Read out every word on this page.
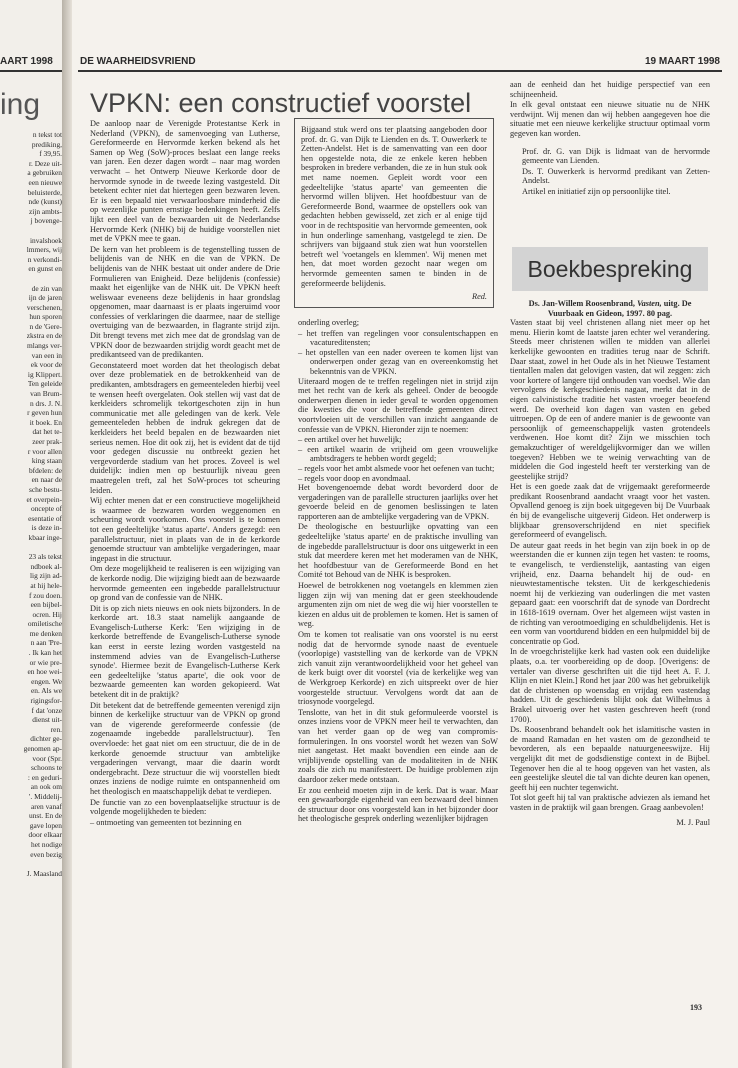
AART 1998
ing
n tekst tot
prediking,
f 39,95.
r. Deze uit-
a gebruiken
een nieuwe
beluisterde,
nde (kunst)
zijn ambts-
j bovenge-

invalshoek
lmmers, wij
n verkondi-
en gunst en

de zin van
ijn de jaren
verschenen,
hun sporen
n de 'Gere-
zkstra en de
mlangs ver-
van een in
ek voor de
ig Klippert.
Ten geleide
van Brum-
n drs. J. N.
r geven hun
it boek. En
dat het te-
zeer prak-
r voor allen
king staan
bfdelen: de
en naar de
sche bestu-
et overpein-
oncepte of
esentatie of
is deze in-
kbaar inge-

23 als tekst
ndboek al-
lig zijn ad-
at hij hele-
f zou doen.
een bijbel-
ocren. Hij
omiletische
me denken
n aan 'Pre-
. Ik kan het
or wie pre-
en hoe wei-
engen. We
en. Als we
rigingsfor-
f dat 'onze
dienst uit-
ren.
dichter ge-
genomen ap-
voor (Spr.
schoons te
: en geduri-
an ook om
'. Middelij-
aren vanaf
unst. En de
gave lopen
door elkaar
het nodige
even bezig

J. Maasland
DE WAARHEIDSVRIEND	19 MAART 1998
VPKN: een constructief voorstel

De aanloop naar de Verenigde Protestantse Kerk in Nederland (VPKN), de samenvoeging van Lutherse, Gereformeerde en Hervormde kerken bekend als het Samen op Weg (SoW)-proces beslaat een lange reeks van jaren. Een dezer dagen wordt – naar mag worden verwacht – het Ontwerp Nieuwe Kerkorde door de hervormde synode in de tweede lezing vastgesteld. Dit betekent echter niet dat hiertegen geen bezwaren leven. Er is een bepaald niet verwaarloosbare minderheid die op wezenlijke punten ernstige bedenkingen heeft. Zelfs lijkt een deel van de bezwaarden uit de Nederlandse Hervormde Kerk (NHK) bij de huidige voorstellen niet met de VPKN mee te gaan.

De kern van het probleem is de tegenstelling tussen de belijdenis van de NHK en die van de VPKN. De belijdenis van de NHK bestaat uit onder andere de Drie Formulieren van Enigheid. Deze belijdenis (confessie) maakt het eigenlijke van de NHK uit. De VPKN heeft weliswaar eveneens deze belijdenis in haar grondslag opgenomen, maar daarnaast is er plaats ingeruimd voor confessies of verklaringen die daarmee, naar de stellige overtuiging van de bezwaarden, in flagrante strijd zijn. Dit brengt tevens met zich mee dat de grondslag van de VPKN door de bezwaarden strijdig wordt geacht met de predikantseed van de predikanten.

Geconstateerd moet worden dat het theologisch debat over deze problematiek en de betrokkenheid van de predikanten, ambtsdragers en gemeenteleden hierbij veel te wensen heeft overgelaten. Ook stellen wij vast dat de kerkleiders schromelijk tekortgeschoten zijn in hun communicatie met alle geledingen van de kerk. Vele gemeenteleden hebben de indruk gekregen dat de kerkleiders het beeld bepalen en de bezwaarden niet serieus nemen. Hoe dit ook zij, het is evident dat de tijd voor gedegen discussie nu ontbreekt gezien het vergevorderde stadium van het proces. Zoveel is wel duidelijk: indien men op bestuurlijk niveau geen maatregelen treft, zal het SoW-proces tot scheuring leiden.

Wij echter menen dat er een constructieve mogelijkheid is waarmee de bezwaren worden weggenomen en scheuring wordt voorkomen. Ons voorstel is te komen tot een gedeeltelijke 'status aparte'. Anders gezegd: een parallelstructuur, niet in plaats van de in de kerkorde genoemde structuur van ambtelijke vergaderingen, maar ingepast in die structuur.

Om deze mogelijkheid te realiseren is een wijziging van de kerkorde nodig. Die wijziging biedt aan de bezwaarde hervormde gemeenten een ingebedde parallelstructuur op grond van de confessie van de NHK.

Dit is op zich niets nieuws en ook niets bijzonders. In de kerkorde art. 18.3 staat namelijk aangaande de Evangelisch-Lutherse Kerk: 'Een wijziging in de kerkorde betreffende de Evangelisch-Lutherse synode kan eerst in eerste lezing worden vastgesteld na instemmend advies van de Evangelisch-Lutherse synode'. Hiermee bezit de Evangelisch-Lutherse Kerk een gedeeltelijke 'status aparte', die ook voor de bezwaarde gemeenten kan worden gekopieerd. Wat betekent dit in de praktijk?

Dit betekent dat de betreffende gemeenten verenigd zijn binnen de kerkelijke structuur van de VPKN op grond van de vigerende gereformeerde confessie (de zogenaamde ingebedde parallelstructuur). Ten overvloede: het gaat niet om een structuur, die de in de kerkorde genoemde structuur van ambtelijke vergaderingen vervangt, maar die daarin wordt ondergebracht. Deze structuur die wij voorstellen biedt onzes inziens de nodige ruimte en ontspannenheid om het theologisch en maatschappelijk debat te verdiepen.

De functie van zo een bovenplaatselijke structuur is de volgende mogelijkheden te bieden:

– ontmoeting van gemeenten tot bezinning en
Bijgaand stuk werd ons ter plaatsing aangeboden door prof. dr. G. van Dijk te Lienden en ds. T. Ouwerkerk te Zetten-Andelst. Het is de samenvatting van een door hen opgestelde nota, die ze enkele keren hebben besproken in bredere verbanden, die ze in hun stuk ook met name noemen. Gepleit wordt voor een gedeeltelijke 'status aparte' van gemeenten die hervormd willen blijven. Het hoofdbestuur van de Gereformeerde Bond, waarmee de opstellers ook van gedachten hebben gewisseld, zet zich er al enige tijd voor in de rechtspositie van hervormde gemeenten, ook in hun onderlinge samenhang, vastgelegd te zien. De schrijvers van bijgaand stuk zien wat hun voorstellen betreft wel 'voetangels en klemmen'. Wij menen met hen, dat moet worden gezocht naar wegen om hervormde gemeenten samen te binden in de gereformeerde belijdenis.
Red.

onderling overleg;

– het treffen van regelingen voor consulentschappen en vacatureditensten;
– het opstellen van een nader overeen te komen lijst van onderwerpen onder gezag van en overeenkomstig het bekenntnis van de VPKN.

Uiteraard mogen de te treffen regelingen niet in strijd zijn met het recht van de kerk als geheel. Onder de beoogde onderwerpen dienen in ieder geval te worden opgenomen die kwesties die voor de betreffende gemeenten direct voortvloeien uit de verschillen van inzicht aangaande de confessie van de VPKN. Hieronder zijn te noemen:

– een artikel over het huwelijk;
– een artikel waarin de vrijheid om geen vrouwelijke ambtsdragers te hebben wordt gegeld;
– regels voor het ambt alsmede voor het oefenen van tucht;
– regels voor doop en avondmaal.

Het bovengenoemde debat wordt bevorderd door de vergaderingen van de parallelle structuren jaarlijks over het gevoerde beleid en de genomen beslissingen te laten rapporteren aan de ambtelijke vergadering van de VPKN.

De theologische en bestuurlijke opvatting van een gedeeltelijke 'status aparte' en de praktische invulling van de ingebedde parallelstructuur is door ons uitgewerkt in een stuk dat meerdere keren met het moderamen van de NHK, het hoofdbestuur van de Gereformeerde Bond en het Comité tot Behoud van de NHK is besproken.

Hoewel de betrokkenen nog voetangels en klemmen zien liggen zijn wij van mening dat er geen steekhoudende argumenten zijn om niet de weg die wij hier voorstellen te kiezen en aldus uit de problemen te komen. Het is samen of weg.

Om te komen tot realisatie van ons voorstel is nu eerst nodig dat de hervormde synode naast de eventuele (voorlopige) vaststelling van de kerkorde van de VPKN zich vanuit zijn verantwoordelijkheid voor het geheel van de kerk buigt over dit voorstel (via de kerkelijke weg van de Werkgroep Kerkorde) en zich uitspreekt over de hier voorgestelde structuur. Vervolgens wordt dat aan de triosynode voorgelegd.

Tenslotte, van het in dit stuk geformuleerde voorstel is onzes inziens voor de VPKN meer heil te verwachten, dan van het verder gaan op de weg van compromis-formuleringen. In ons voorstel wordt het wezen van SoW niet aangetast. Het maakt bovendien een einde aan de vrijblijvende opstelling van de modaliteiten in de NHK zoals die zich nu manifesteert. De huidige problemen zijn daardoor zeker mede ontstaan.

Er zou eenheid moeten zijn in de kerk. Dat is waar. Maar een gewaarborgde eigenheid van een bezwaard deel binnen de structuur door ons voorgesteld kan in het bijzonder door het theologische gesprek onderling wezenlijker bijdragen

aan de eenheid dan het huidige perspectief van een schijneenheid.

In elk geval ontstaat een nieuwe situatie nu de NHK verdwijnt. Wij menen dan wij hebben aangegeven hoe die situatie met een nieuwe kerkelijke structuur optimaal vorm gegeven kan worden.

Prof. dr. G. van Dijk is lidmaat van de hervormde gemeente van Lienden.

Ds. T. Ouwerkerk is hervormd predikant van Zetten-Andelst.

Artikel en initiatief zijn op persoonlijke titel.

Boekbespreking
Ds. Jan-Willem Roosenbrand, Vasten, uitg. De Vuurbaak en Gideon, 1997. 80 pag.

Vasten staat bij veel christenen allang niet meer op het menu. Hierin komt de laatste jaren echter wel verandering. Steeds meer christenen willen te midden van allerlei kerkelijke gewoonten en tradities terug naar de Schrift. Daar staat, zowel in het Oude als in het Nieuwe Testament tientallen malen dat gelovigen vasten, dat wil zeggen: zich voor kortere of langere tijd onthouden van voedsel. Wie dan vervolgens de kerkgeschiedenis nagaat, merkt dat in de eigen calvinistische traditie het vasten vroeger beoefend werd. De overheid kon dagen van vasten en gebed uitroepen. Op de een of andere manier is de gewoonte van persoonlijk of gemeenschappelijk vasten grotendeels verdwenen. Hoe komt dit? Zijn we misschien toch gemakzuchtiger of wereldgelijkvormiger dan we willen toegeven? Hebben we te weinig verwachting van de middelen die God ingesteld heeft ter versterking van de geestelijke strijd?

Het is een goede zaak dat de vrijgemaakt gereformeerde predikant Roosenbrand aandacht vraagt voor het vasten. Opvallend genoeg is zijn boek uitgegeven bij De Vuurbaak én bij de evangelische uitgeverij Gideon. Het onderwerp is blijkbaar grensoverschrijdend en niet specifiek gereformeerd of evangelisch.

De auteur gaat reeds in het begin van zijn boek in op de weerstanden die er kunnen zijn tegen het vasten: te rooms, te evangelisch, te verdienstelijk, aantasting van eigen vrijheid, enz. Daarna behandelt hij de oud- en nieuwtestamentische teksten. Uit de kerkgeschiedenis noemt hij de verkiezing van ouderlingen die met vasten gepaard gaat: een voorschrift dat de synode van Dordrecht in 1618-1619 overnam. Over het algemeen wijst vasten in de richting van verootmoediging en schuldbelijdenis. Het is een vorm van voortdurend bidden en een hulpmiddel bij de concentratie op God.

In de vroegchristelijke kerk had vasten ook een duidelijke plaats, o.a. ter voorbereiding op de doop. [Overigens: de vertaler van diverse geschriften uit die tijd heet A. F. J. Klijn en niet Klein.] Rond het jaar 200 was het gebruikelijk dat de christenen op woensdag en vrijdag een vastendag hadden. Uit de geschiedenis blijkt ook dat Wilhelmus à Brakel uitvoerig over het vasten geschreven heeft (rond 1700).

Ds. Roosenbrand behandelt ook het islamitische vasten in de maand Ramadan en het vasten om de gezondheid te bevorderen, als een bepaalde natuurgeneeswijze. Hij vergelijkt dit met de godsdienstige context in de Bijbel. Tegenover hen die al te hoog opgeven van het vasten, als een geestelijke sleutel die tal van dichte deuren kan openen, geeft hij een nuchter tegenwicht.

Tot slot geeft hij tal van praktische adviezen als iemand het vasten in de praktijk wil gaan brengen. Graag aanbevolen!

M. J. Paul
193
